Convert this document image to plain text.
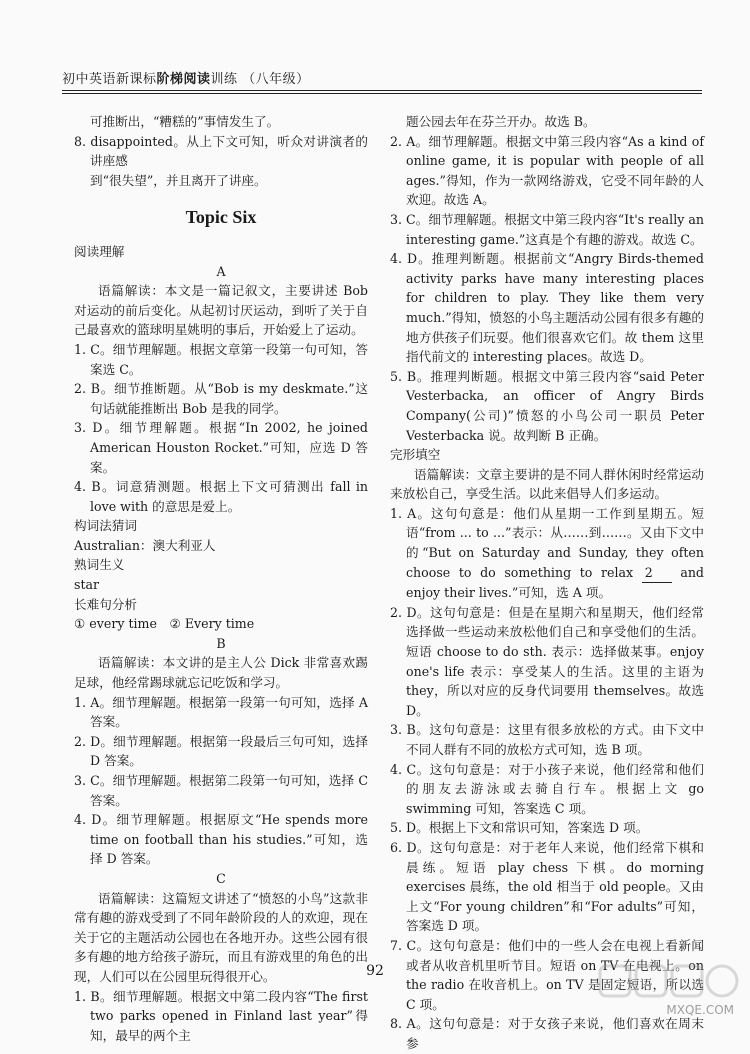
初中英语新课标阶梯阅读训练 （八年级）

可推断出，“糟糕的”事情发生了。

8. disappointed。从上下文可知，听众对讲演者的讲座感

到“很失望”，并且离开了讲座。

Topic Six

阅读理解

A

语篇解读：本文是一篇记叙文，主要讲述 Bob 对运动的前后变化。从起初讨厌运动，到听了关于自己最喜欢的篮球明星姚明的事后，开始爱上了运动。

1. C。细节理解题。根据文章第一段第一句可知，答案选 C。

2. B。细节推断题。从“Bob is my deskmate.”这句话就能推断出 Bob 是我的同学。

3. D。细节理解题。根据“In 2002, he joined American Houston Rocket.”可知，应选 D 答案。

4. B。词意猜测题。根据上下文可猜测出 fall in love with 的意思是爱上。

构词法猜词

Australian：澳大利亚人

熟词生义

star

长难句分析

① every time　② Every time

B

语篇解读：本文讲的是主人公 Dick 非常喜欢踢足球，他经常踢球就忘记吃饭和学习。

1. A。细节理解题。根据第一段第一句可知，选择 A 答案。

2. D。细节理解题。根据第一段最后三句可知，选择 D 答案。

3. C。细节理解题。根据第二段第一句可知，选择 C 答案。

4. D。细节理解题。根据原文“He spends more time on football than his studies.”可知，选择 D 答案。

C

语篇解读：这篇短文讲述了“愤怒的小鸟”这款非常有趣的游戏受到了不同年龄阶段的人的欢迎，现在关于它的主题活动公园也在各地开办。这些公园有很多有趣的地方给孩子游玩，而且有游戏里的角色的出现，人们可以在公园里玩得很开心。

1. B。细节理解题。根据文中第二段内容“The first two parks opened in Finland last year”得知，最早的两个主

题公园去年在芬兰开办。故选 B。

2. A。细节理解题。根据文中第三段内容“As a kind of online game, it is popular with people of all ages.”得知，作为一款网络游戏，它受不同年龄的人欢迎。故选 A。

3. C。细节理解题。根据文中第三段内容“It's really an interesting game.”这真是个有趣的游戏。故选 C。

4. D。推理判断题。根据前文“Angry Birds-themed activity parks have many interesting places for children to play. They like them very much.”得知，愤怒的小鸟主题活动公园有很多有趣的地方供孩子们玩耍。他们很喜欢它们。故 them 这里指代前文的 interesting places。故选 D。

5. B。推理判断题。根据文中第三段内容“said Peter Vesterbacka, an officer of Angry Birds Company(公司)”愤怒的小鸟公司一职员 Peter Vesterbacka 说。故判断 B 正确。

完形填空

语篇解读：文章主要讲的是不同人群休闲时经常运动来放松自己，享受生活。以此来倡导人们多运动。

1. A。这句句意是：他们从星期一工作到星期五。短语“from ... to ...”表示：从……到……。又由下文中的“But on Saturday and Sunday, they often choose to do something to relax 2 and enjoy their lives.”可知，选 A 项。

2. D。这句句意是：但是在星期六和星期天，他们经常选择做一些运动来放松他们自己和享受他们的生活。短语 choose to do sth. 表示：选择做某事。enjoy one's life 表示：享受某人的生活。这里的主语为 they，所以对应的反身代词要用 themselves。故选 D。

3. B。这句句意是：这里有很多放松的方式。由下文中不同人群有不同的放松方式可知，选 B 项。

4. C。这句句意是：对于小孩子来说，他们经常和他们的朋友去游泳或去骑自行车。根据上文 go swimming 可知，答案选 C 项。

5. D。根据上下文和常识可知，答案选 D 项。

6. D。这句句意是：对于老年人来说，他们经常下棋和晨练。短语 play chess 下棋。do morning exercises 晨练，the old 相当于 old people。又由上文“For young children”和“For adults”可知，答案选 D 项。

7. C。这句句意是：他们中的一些人会在电视上看新闻或者从收音机里听节目。短语 on TV 在电视上。on the radio 在收音机上。on TV 是固定短语，所以选 C 项。

8. A。这句句意是：对于女孩子来说，他们喜欢在周末参

92
MXQE.COM
